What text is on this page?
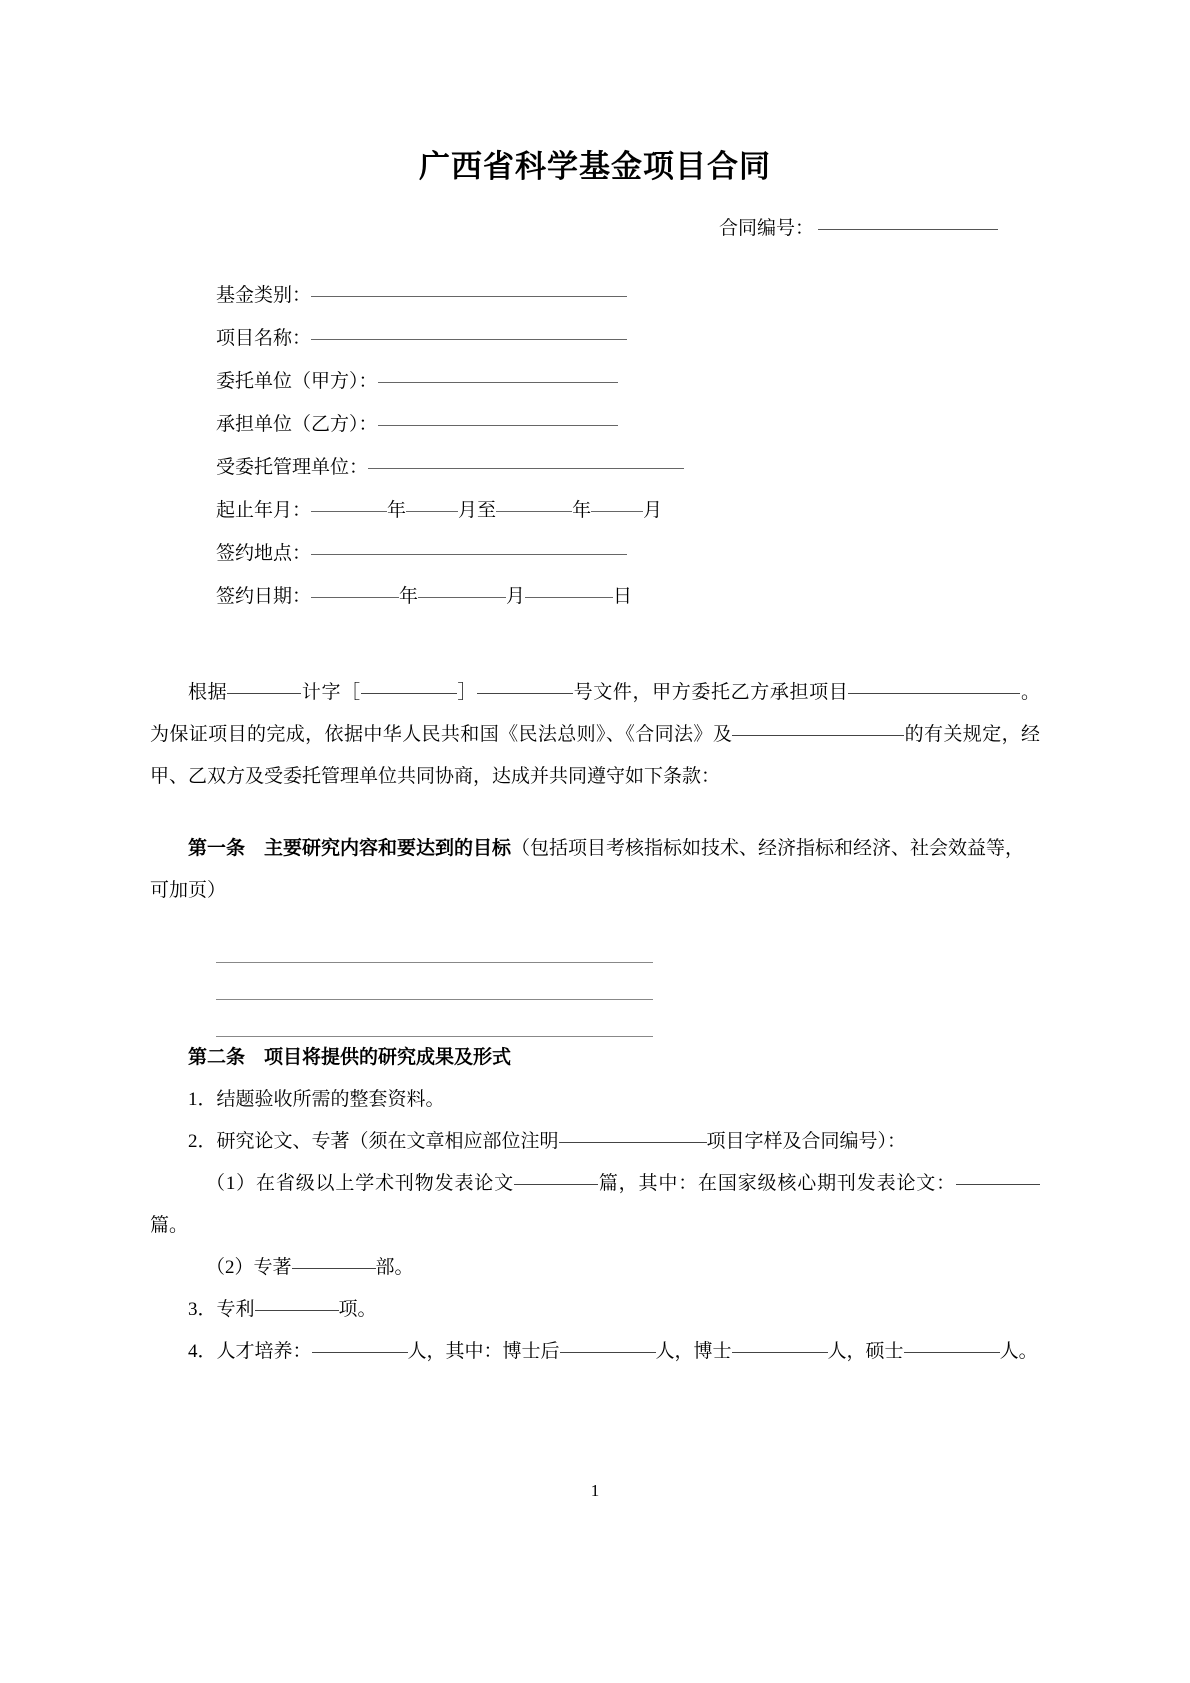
广西省科学基金项目合同
合同编号：
基金类别：
项目名称：
委托单位（甲方）：
承担单位（乙方）：
受委托管理单位：
起止年月：	年	月至	年	月
签约地点：
签约日期：	年	月	日
根据	计字［	］	号文件，甲方委托乙方承担项目	。为保证项目的完成，依据中华人民共和国《民法总则》、《合同法》及	的有关规定，经甲、乙双方及受委托管理单位共同协商，达成并共同遵守如下条款：
第一条　主要研究内容和要达到的目标（包括项目考核指标如技术、经济指标和经济、社会效益等，可加页）
第二条　项目将提供的研究成果及形式
1．结题验收所需的整套资料。
2．研究论文、专著（须在文章相应部位注明	项目字样及合同编号）：
（1）在省级以上学术刊物发表论文	篇，其中：在国家级核心期刊发表论文：篇。
（2）专著	部。
3．专利	项。
4．人才培养：	人，其中：博士后	人，博士	人，硕士	人。
1
